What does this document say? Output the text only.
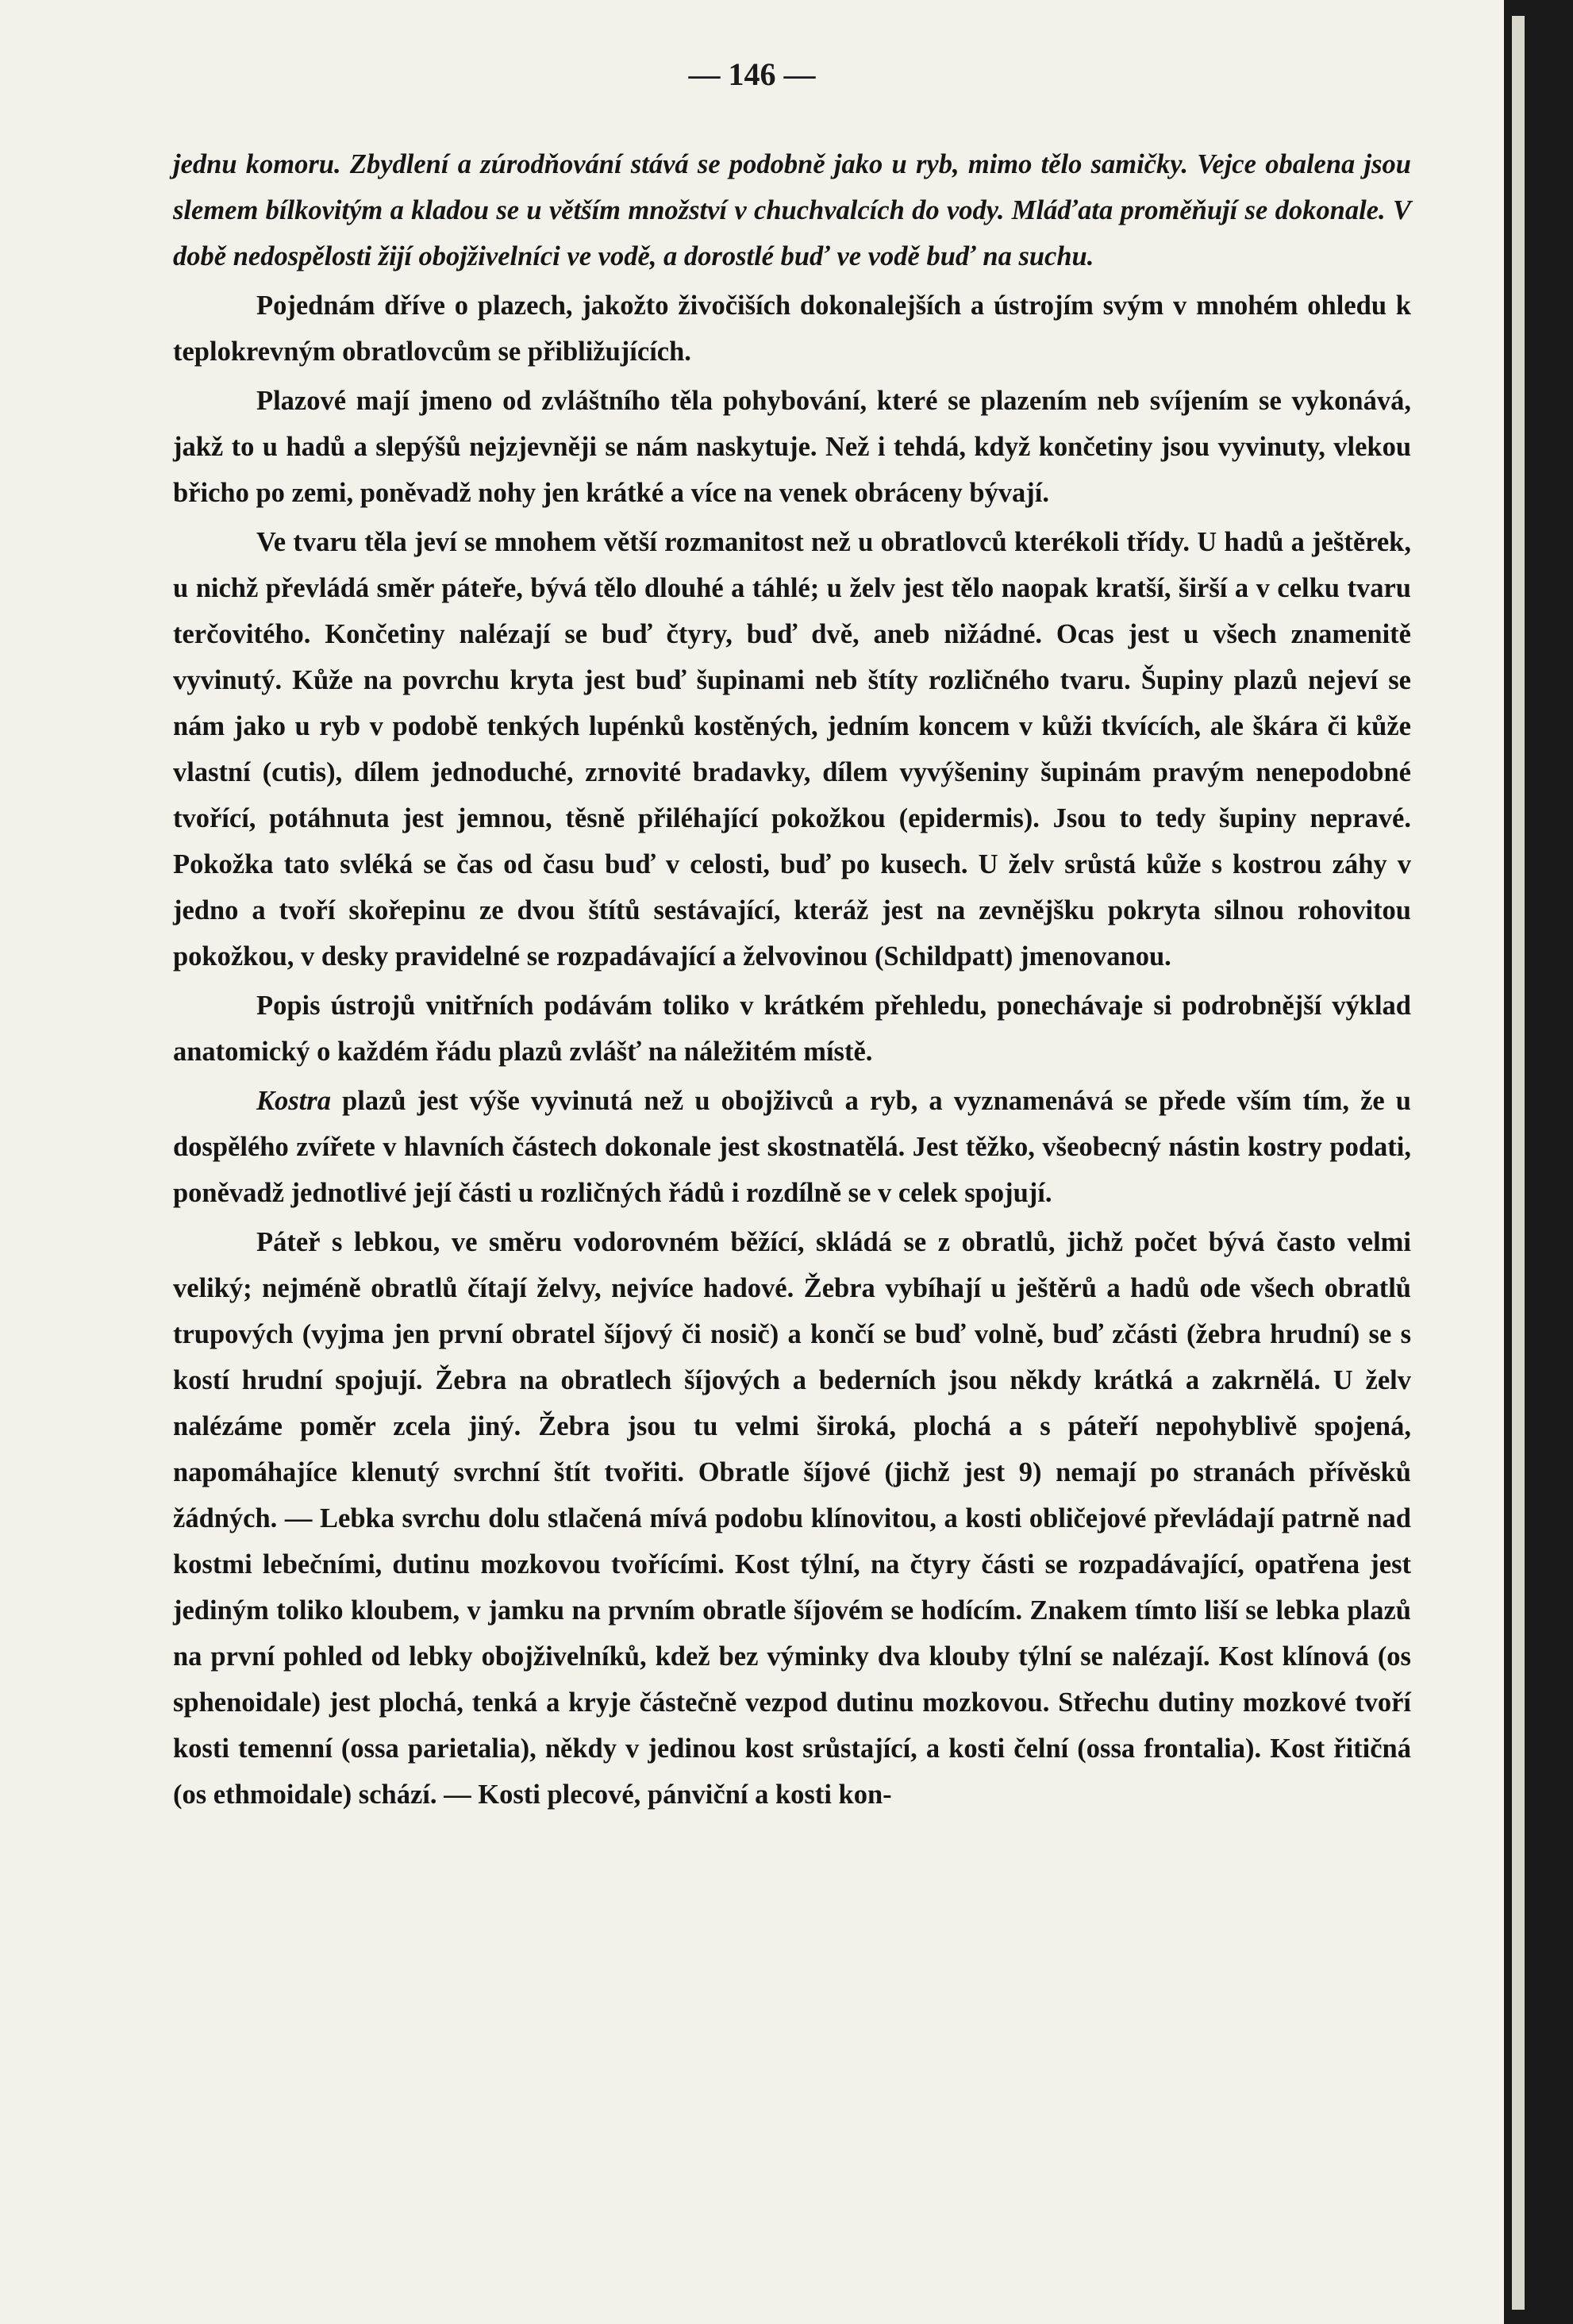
— 146 —

jednu komoru. Zbydlení a zúrodňování stává se podobně jako u ryb, mimo tělo samičky. Vejce obalena jsou slemem bílkovitým a kladou se u větším množství v chuchvalcích do vody. Mláďata proměňují se dokonale. V době nedospělosti žijí obojživelníci ve vodě, a dorostlé buď ve vodě buď na suchu.

Pojednám dříve o plazech, jakožto živočiších dokonalejších a ústrojím svým v mnohém ohledu k teplokrevným obratlovcům se přibližujících.

Plazové mají jmeno od zvláštního těla pohybování, které se plazením neb svíjením se vykonává, jakž to u hadů a slepýšů nejzjevněji se nám naskytuje. Než i tehdá, když končetiny jsou vyvinuty, vlekou břicho po zemi, poněvadž nohy jen krátké a více na venek obráceny bývají.

Ve tvaru těla jeví se mnohem větší rozmanitost než u obratlovců kterékoli třídy. U hadů a ještěrek, u nichž převládá směr páteře, bývá tělo dlouhé a táhlé; u želv jest tělo naopak kratší, širší a v celku tvaru terčovitého. Končetiny nalézají se buď čtyry, buď dvě, aneb nižádné. Ocas jest u všech znamenitě vyvinutý. Kůže na povrchu kryta jest buď šupinami neb štíty rozličného tvaru. Šupiny plazů nejeví se nám jako u ryb v podobě tenkých lupénků kostěných, jedním koncem v kůži tkvících, ale škára či kůže vlastní (cutis), dílem jednoduché, zrnovité bradavky, dílem vyvýšeniny šupinám pravým nenepodobné tvořící, potáhnuta jest jemnou, těsně přiléhající pokožkou (epidermis). Jsou to tedy šupiny nepravé. Pokožka tato svléká se čas od času buď v celosti, buď po kusech. U želv srůstá kůže s kostrou záhy v jedno a tvoří skořepinu ze dvou štítů sestávající, kteráž jest na zevnějšku pokryta silnou rohovitou pokožkou, v desky pravidelné se rozpadávající a želvovinou (Schildpatt) jmenovanou.

Popis ústrojů vnitřních podávám toliko v krátkém přehledu, ponechávaje si podrobnější výklad anatomický o každém řádu plazů zvlášť na náležitém místě.

Kostra plazů jest výše vyvinutá než u obojživců a ryb, a vyznamenává se přede vším tím, že u dospělého zvířete v hlavních částech dokonale jest skostnatělá. Jest těžko, všeobecný nástin kostry podati, poněvadž jednotlivé její části u rozličných řádů i rozdílně se v celek spojují.

Páteř s lebkou, ve směru vodorovném běžící, skládá se z obratlů, jichž počet bývá často velmi veliký; nejméně obratlů čítají želvy, nejvíce hadové. Žebra vybíhají u ještěrů a hadů ode všech obratlů trupových (vyjma jen první obratel šíjový či nosič) a končí se buď volně, buď zčásti (žebra hrudní) se s kostí hrudní spojují. Žebra na obratlech šíjových a bederních jsou někdy krátká a zakrnělá. U želv nalézáme poměr zcela jiný. Žebra jsou tu velmi široká, plochá a s páteří nepohyblivě spojená, napomáhajíce klenutý svrchní štít tvořiti. Obratle šíjové (jichž jest 9) nemají po stranách přívěsků žádných. — Lebka svrchu dolu stlačená mívá podobu klínovitou, a kosti obličejové převládají patrně nad kostmi lebečními, dutinu mozkovou tvořícími. Kost týlní, na čtyry části se rozpadávající, opatřena jest jediným toliko kloubem, v jamku na prvním obratle šíjovém se hodícím. Znakem tímto liší se lebka plazů na první pohled od lebky obojživelníků, kdež bez výminky dva klouby týlní se nalézají. Kost klínová (os sphenoidale) jest plochá, tenká a kryje částečně vezpod dutinu mozkovou. Střechu dutiny mozkové tvoří kosti temenní (ossa parietalia), někdy v jedinou kost srůstající, a kosti čelní (ossa frontalia). Kost řitičná (os ethmoidale) schází. — Kosti plecové, pánviční a kosti kon-
